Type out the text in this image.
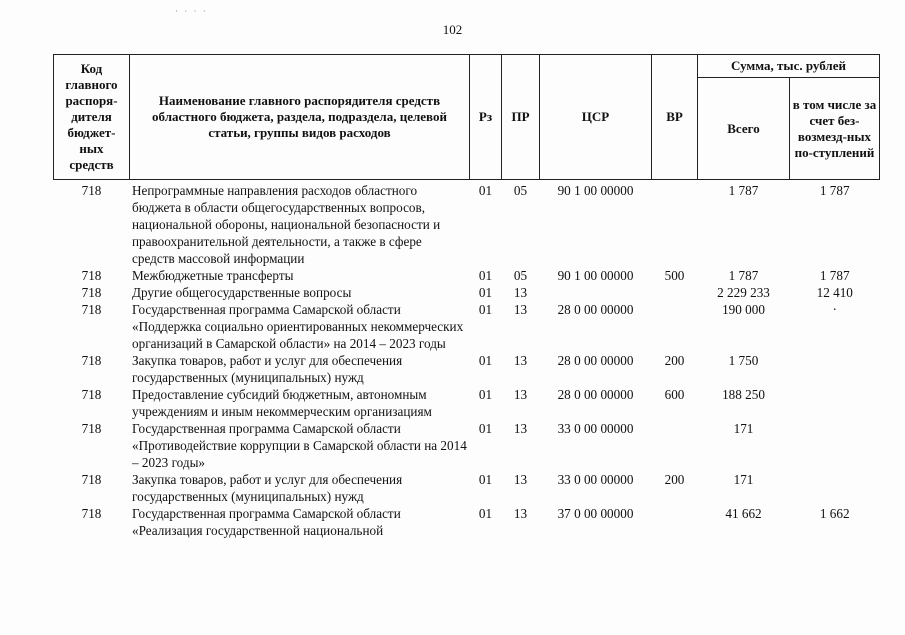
· · · ·
102
Код главного распоря-дителя бюджет-ных средств	Наименование главного распорядителя средств областного бюджета, раздела, подраздела, целевой статьи, группы видов расходов	Рз	ПР	ЦСР	ВР	Сумма, тыс. рублей	
						Всего	в том числе за счет без-возмезд-ных по-ступлений
718	Непрограммные направления расходов областного бюджета в области общегосударственных вопросов, национальной обороны, национальной безопасности и правоохранительной деятельности, а также в сфере средств массовой информации	01	05	90 1 00 00000		1 787	1 787
718	Межбюджетные трансферты	01	05	90 1 00 00000	500	1 787	1 787
718	Другие общегосударственные вопросы	01	13			2 229 233	12 410
718	Государственная программа Самарской области «Поддержка социально ориентированных некоммерческих организаций в Самарской области» на 2014 – 2023 годы	01	13	28 0 00 00000		190 000	·
718	Закупка товаров, работ и услуг для обеспечения государственных (муниципальных) нужд	01	13	28 0 00 00000	200	1 750	
718	Предоставление субсидий бюджетным, автономным учреждениям и иным некоммерческим организациям	01	13	28 0 00 00000	600	188 250	
718	Государственная программа Самарской области «Противодействие коррупции в Самарской области на 2014 – 2023 годы»	01	13	33 0 00 00000		171	
718	Закупка товаров, работ и услуг для обеспечения государственных (муниципальных) нужд	01	13	33 0 00 00000	200	171	
718	Государственная программа Самарской области «Реализация государственной национальной	01	13	37 0 00 00000		41 662	1 662
